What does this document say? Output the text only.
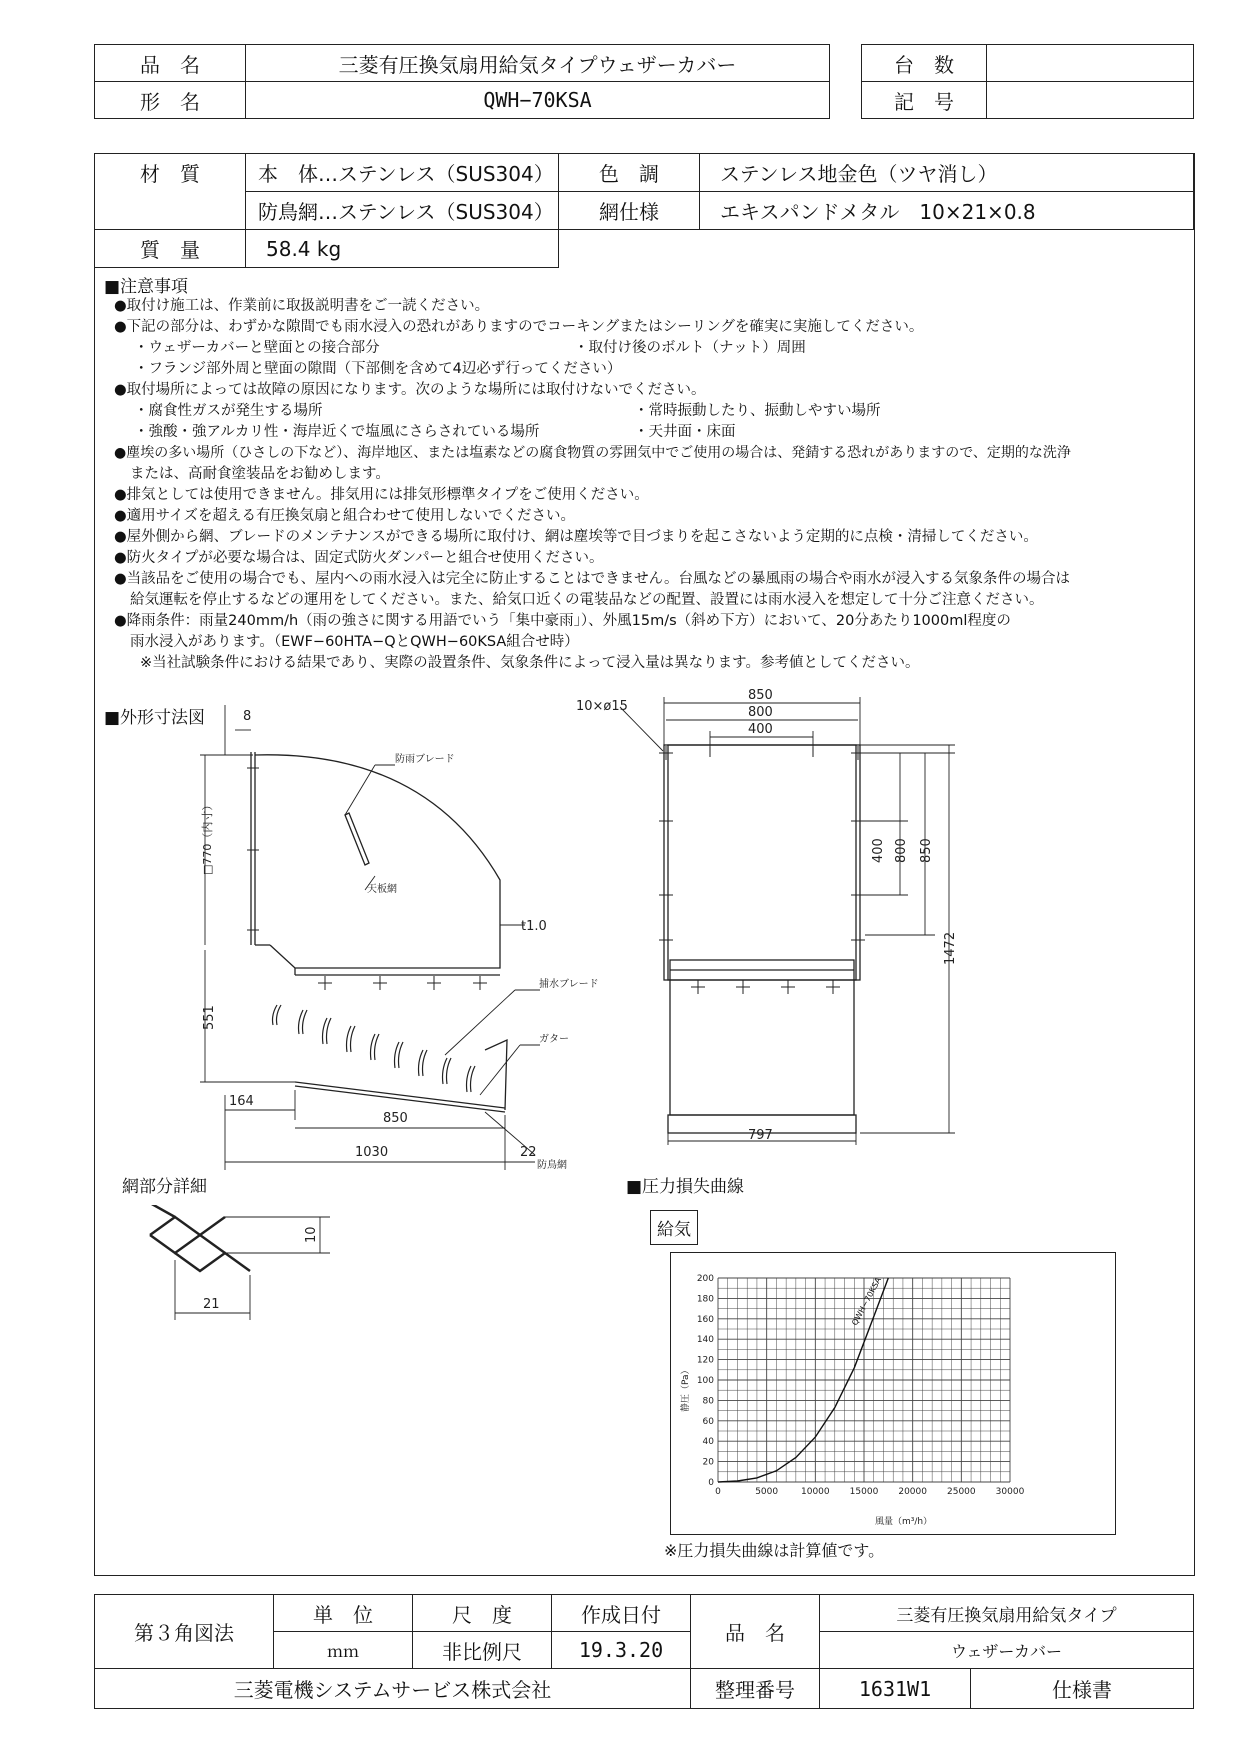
品　名	三菱有圧換気扇用給気タイプウェザーカバー
形　名	QWH−70KSA
台　数	
記　号	
材　質	本　体…ステンレス（SUS304）	色　調	ステンレス地金色（ツヤ消し）
	防鳥網…ステンレス（SUS304）	網仕様	エキスパンドメタル　10×21×0.8
質　量	58.4 kg		
■注意事項
●取付け施工は、作業前に取扱説明書をご一読ください。
●下記の部分は、わずかな隙間でも雨水浸入の恐れがありますのでコーキングまたはシーリングを確実に実施してください。
・ウェザーカバーと壁面との接合部分	・取付け後のボルト（ナット）周囲
・フランジ部外周と壁面の隙間（下部側を含めて4辺必ず行ってください）
●取付場所によっては故障の原因になります。次のような場所には取付けないでください。
・腐食性ガスが発生する場所	・常時振動したり、振動しやすい場所
・強酸・強アルカリ性・海岸近くで塩風にさらされている場所	・天井面・床面
●塵埃の多い場所（ひさしの下など）、海岸地区、または塩素などの腐食物質の雰囲気中でご使用の場合は、発錆する恐れがありますので、定期的な洗浄
または、高耐食塗装品をお勧めします。
●排気としては使用できません。排気用には排気形標準タイプをご使用ください。
●適用サイズを超える有圧換気扇と組合わせて使用しないでください。
●屋外側から網、ブレードのメンテナンスができる場所に取付け、網は塵埃等で目づまりを起こさないよう定期的に点検・清掃してください。
●防火タイプが必要な場合は、固定式防火ダンパーと組合せ使用ください。
●当該品をご使用の場合でも、屋内への雨水浸入は完全に防止することはできません。台風などの暴風雨の場合や雨水が浸入する気象条件の場合は
給気運転を停止するなどの運用をしてください。また、給気口近くの電装品などの配置、設置には雨水浸入を想定して十分ご注意ください。
●降雨条件：雨量240mm/h（雨の強さに関する用語でいう「集中豪雨」）、外風15m/s（斜め下方）において、20分あたり1000ml程度の
雨水浸入があります。（EWF−60HTA−QとQWH−60KSA組合せ時）
※当社試験条件における結果であり、実際の設置条件、気象条件によって浸入量は異なります。参考値としてください。
■外形寸法図	8
□770（内寸）
551
164
850
1030	22
t1.0
防雨ブレード
天板網
捕水ブレード
ガター
防鳥網
850
800
400
10×ø15
400 800 850
1472
797
網部分詳細
10
21
■圧力損失曲線
給気
0	5000	10000 15000 20000 25000 30000
0
20
40
60
80
100
120
140
160
180
200
風量（m³/h）
静圧（Pa）
QWH−70KSA
※圧力損失曲線は計算値です。
第３角図法	単　位	尺　度	作成日付	品　名	三菱有圧換気扇用給気タイプ	
	ｍｍ	非比例尺	19.3.20		ウェザーカバー	
三菱電機システムサービス株式会社				整理番号	1631W1	仕様書
